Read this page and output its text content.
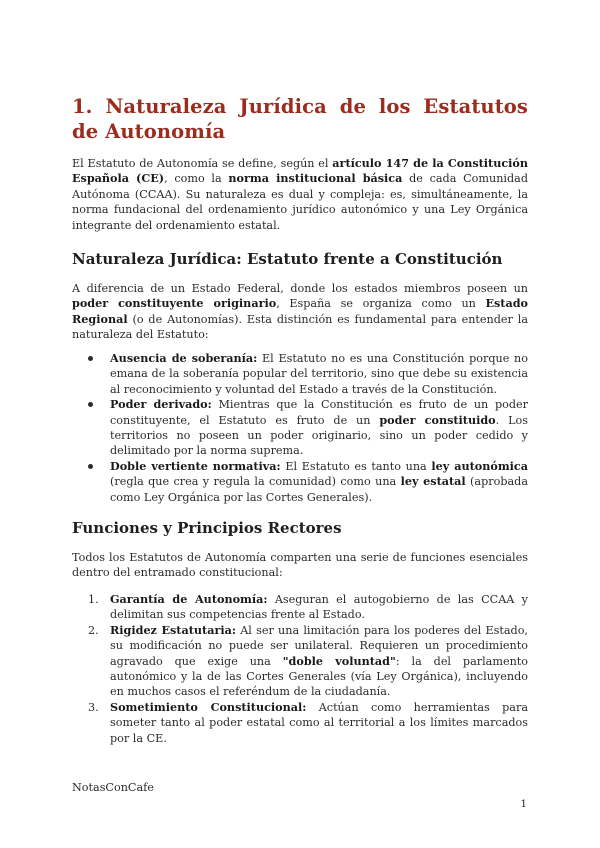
1. Naturaleza Jurídica de los Estatutos de Autonomía

El Estatuto de Autonomía se define, según el artículo 147 de la Constitución Española (CE), como la norma institucional básica de cada Comunidad Autónoma (CCAA). Su naturaleza es dual y compleja: es, simultáneamente, la norma fundacional del ordenamiento jurídico autonómico y una Ley Orgánica integrante del ordenamiento estatal.

Naturaleza Jurídica: Estatuto frente a Constitución

A diferencia de un Estado Federal, donde los estados miembros poseen un poder constituyente originario, España se organiza como un Estado Regional (o de Autonomías). Esta distinción es fundamental para entender la naturaleza del Estatuto:

Ausencia de soberanía: El Estatuto no es una Constitución porque no emana de la soberanía popular del territorio, sino que debe su existencia al reconocimiento y voluntad del Estado a través de la Constitución.
Poder derivado: Mientras que la Constitución es fruto de un poder constituyente, el Estatuto es fruto de un poder constituido. Los territorios no poseen un poder originario, sino un poder cedido y delimitado por la norma suprema.
Doble vertiente normativa: El Estatuto es tanto una ley autonómica (regla que crea y regula la comunidad) como una ley estatal (aprobada como Ley Orgánica por las Cortes Generales).
Funciones y Principios Rectores

Todos los Estatutos de Autonomía comparten una serie de funciones esenciales dentro del entramado constitucional:

1. Garantía de Autonomía: Aseguran el autogobierno de las CCAA y delimitan sus competencias frente al Estado.
2. Rigidez Estatutaria: Al ser una limitación para los poderes del Estado, su modificación no puede ser unilateral. Requieren un procedimiento agravado que exige una "doble voluntad": la del parlamento autonómico y la de las Cortes Generales (vía Ley Orgánica), incluyendo en muchos casos el referéndum de la ciudadanía.
3. Sometimiento Constitucional: Actúan como herramientas para someter tanto al poder estatal como al territorial a los límites marcados por la CE.
NotasConCafe
1
